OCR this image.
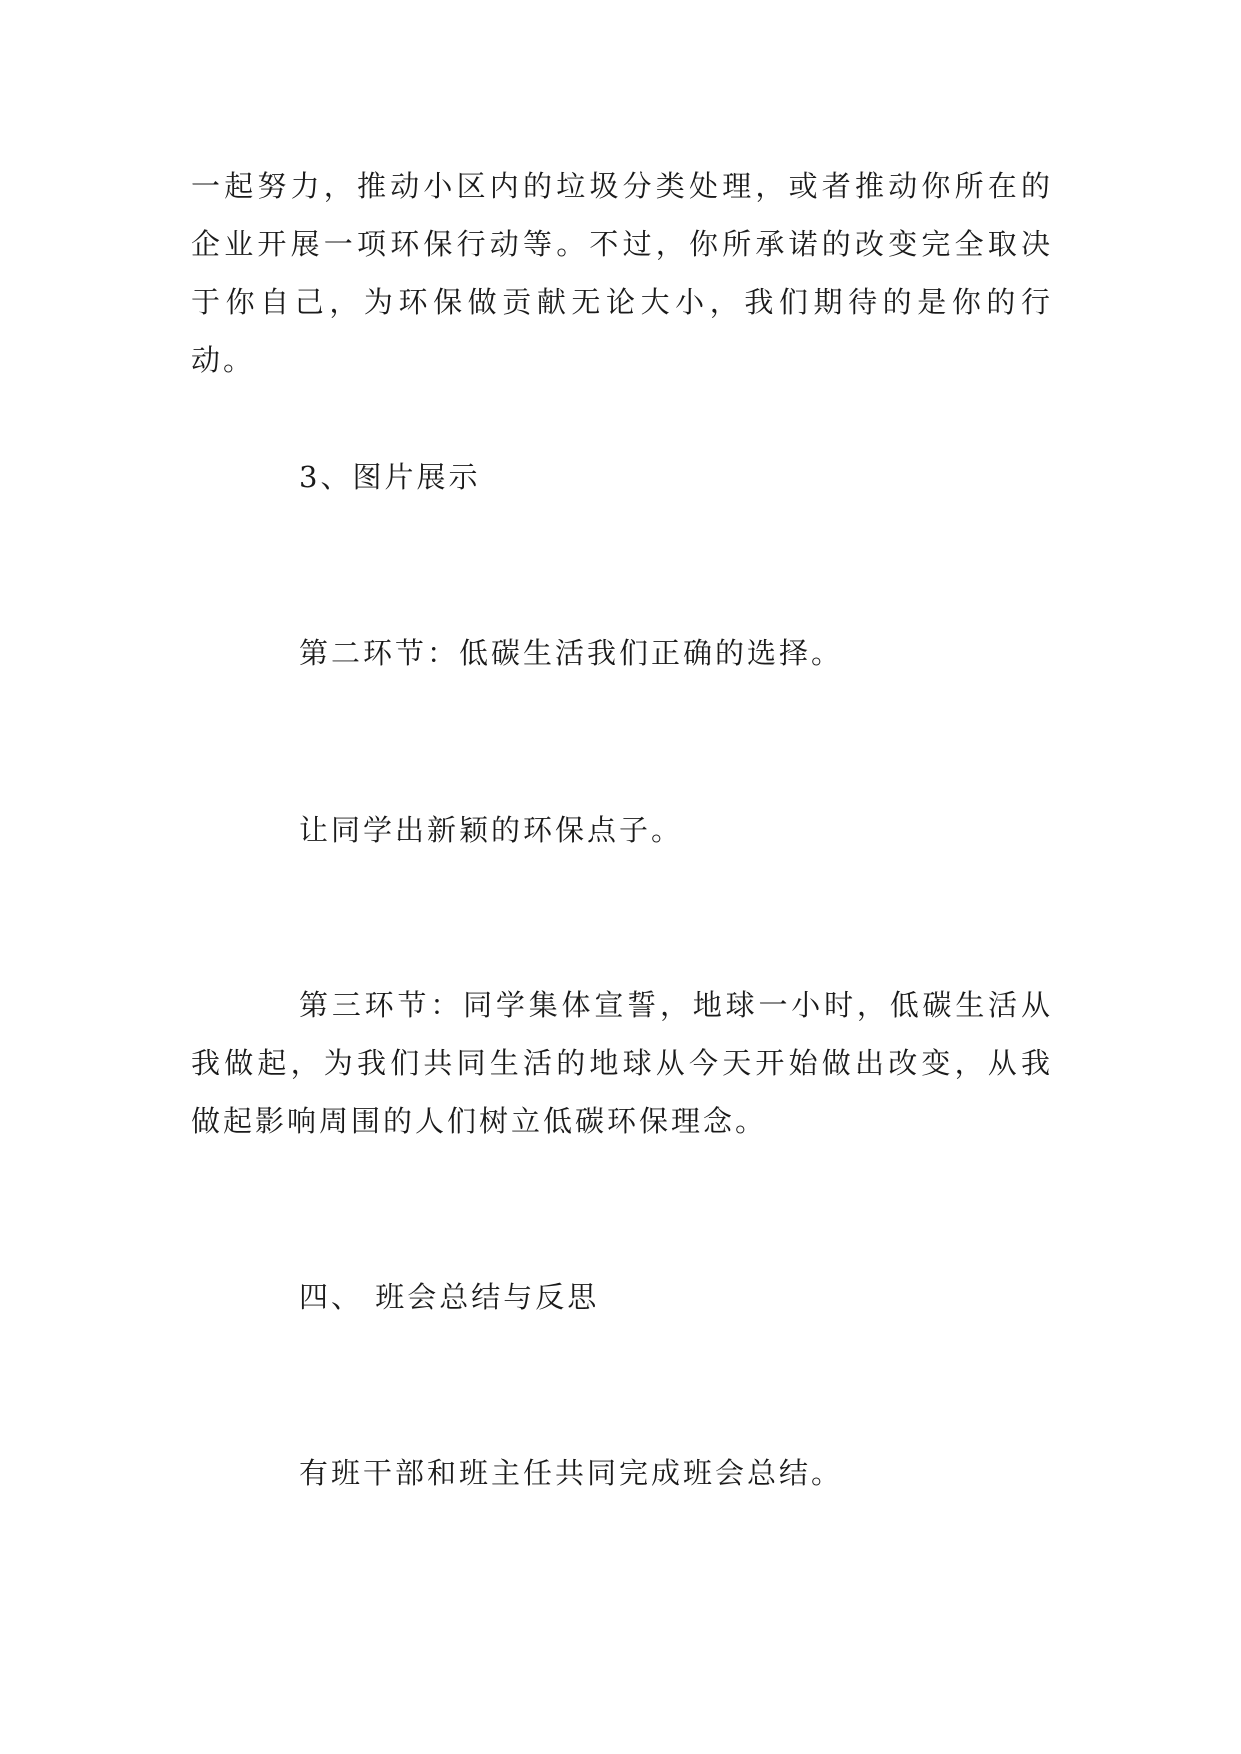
一起努力，推动小区内的垃圾分类处理，或者推动你所在的企业开展一项环保行动等。不过，你所承诺的改变完全取决于你自己，为环保做贡献无论大小，我们期待的是你的行动。

3、图片展示

第二环节：低碳生活我们正确的选择。

让同学出新颖的环保点子。

第三环节：同学集体宣誓，地球一小时，低碳生活从我做起，为我们共同生活的地球从今天开始做出改变，从我做起影响周围的人们树立低碳环保理念。

四、 班会总结与反思

有班干部和班主任共同完成班会总结。
